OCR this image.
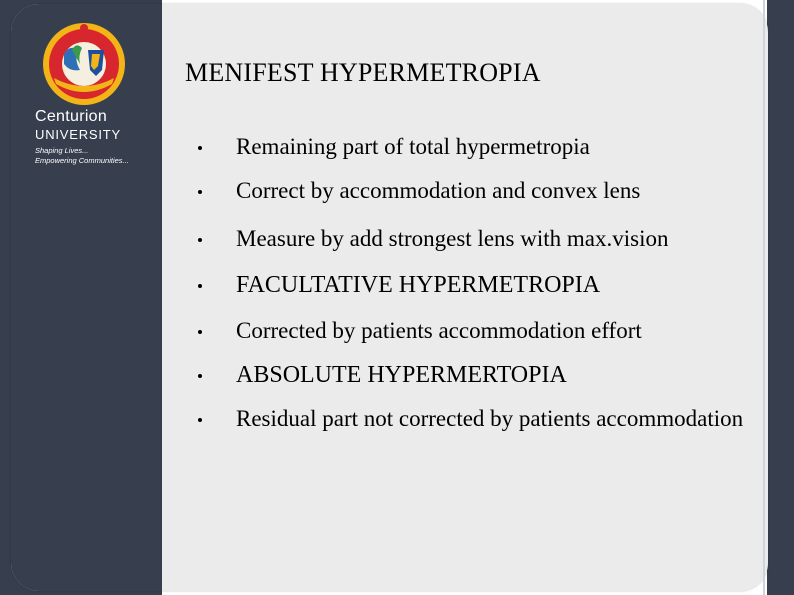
Centurion
UNIVERSITY
Shaping Lives...
Empowering Communities...
MENIFEST HYPERMETROPIA
Remaining part of total hypermetropia
Correct by accommodation and convex lens
Measure by add strongest lens with max.vision
FACULTATIVE HYPERMETROPIA
Corrected by patients accommodation effort
ABSOLUTE HYPERMERTOPIA
Residual part not corrected by patients accommodation
